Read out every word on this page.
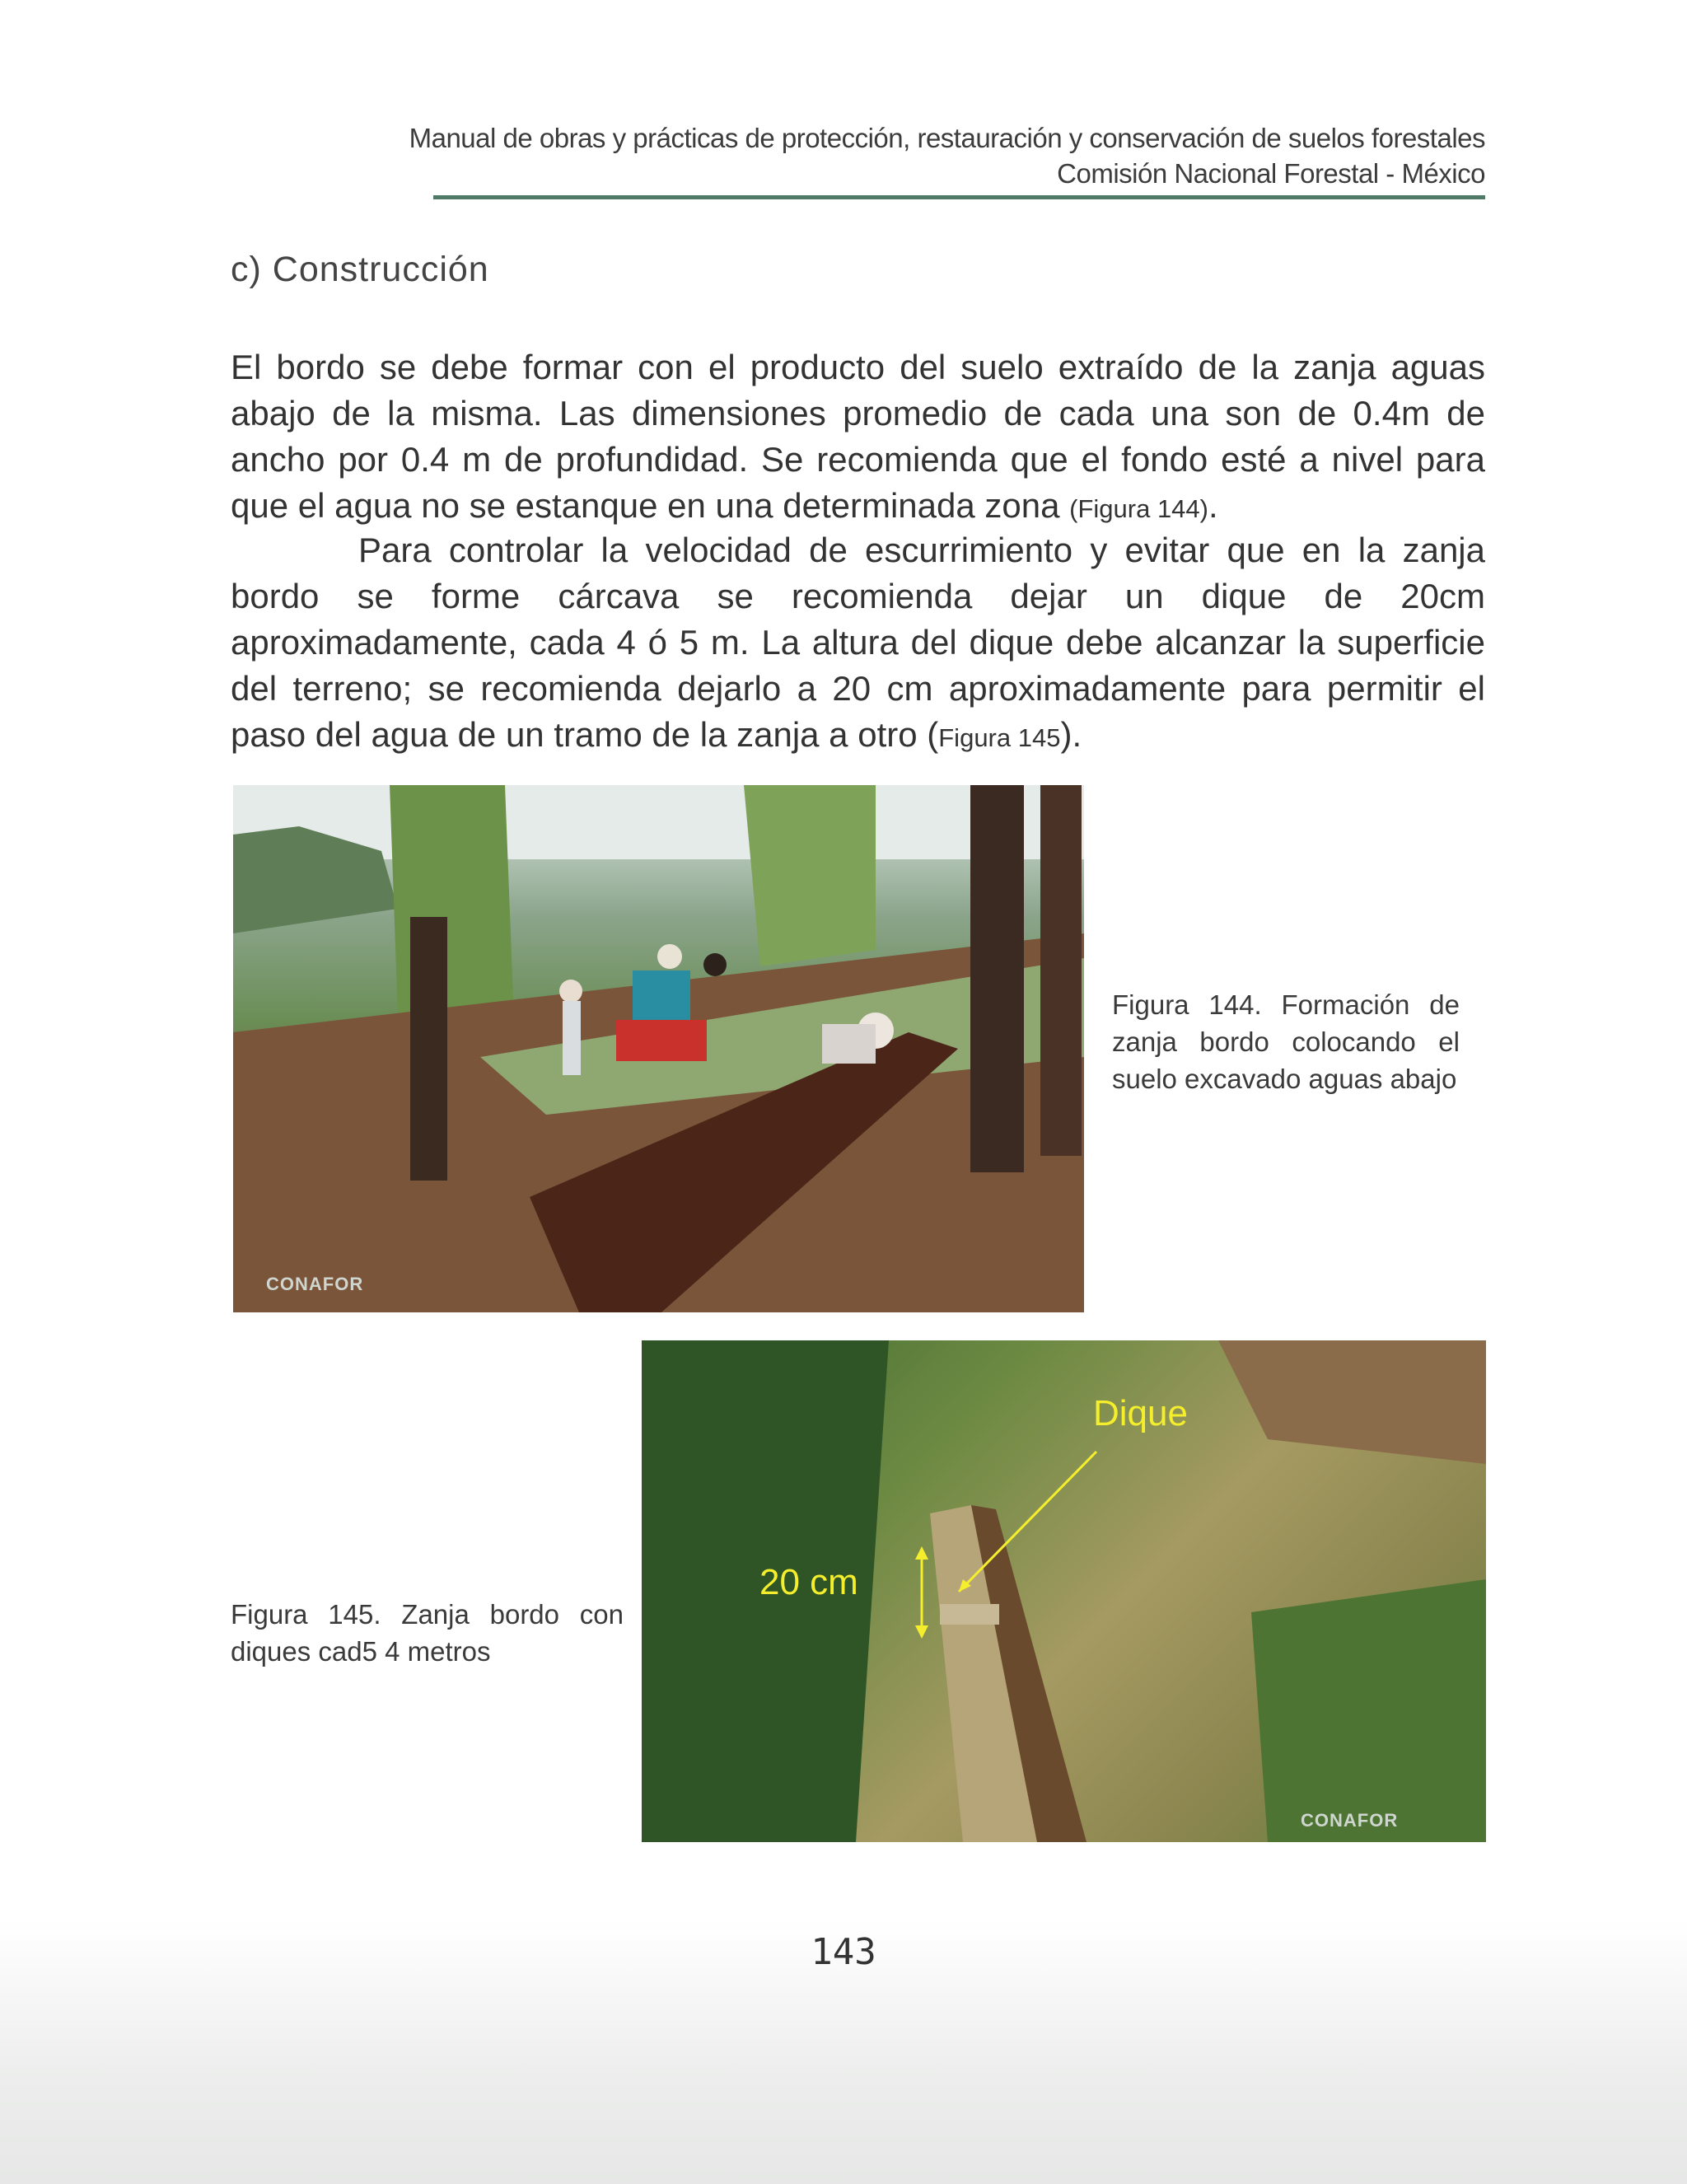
Manual de obras y prácticas de protección, restauración y conservación de suelos forestales
Comisión Nacional Forestal - México
c) Construcción
El bordo se debe formar con el producto del suelo extraído de la zanja aguas abajo de la misma. Las dimensiones promedio de cada una son de 0.4m de ancho por 0.4 m de profundidad. Se recomienda que el fondo esté a nivel para que el agua no se estanque en una determinada zona (Figura 144).
Para controlar la velocidad de escurrimiento y evitar que en la zanja bordo se forme cárcava se recomienda dejar un dique de 20cm aproximadamente, cada 4 ó 5 m. La altura del dique debe alcanzar la superficie del terreno; se recomienda dejarlo a 20 cm aproximadamente para permitir el paso del agua de un tramo de la zanja a otro (Figura 145).
CONAFOR
Figura 144. Formación de zanja bordo colocando el suelo excavado aguas abajo
Figura 145. Zanja bordo con diques cad5 4 metros
Dique
20 cm
CONAFOR
143
